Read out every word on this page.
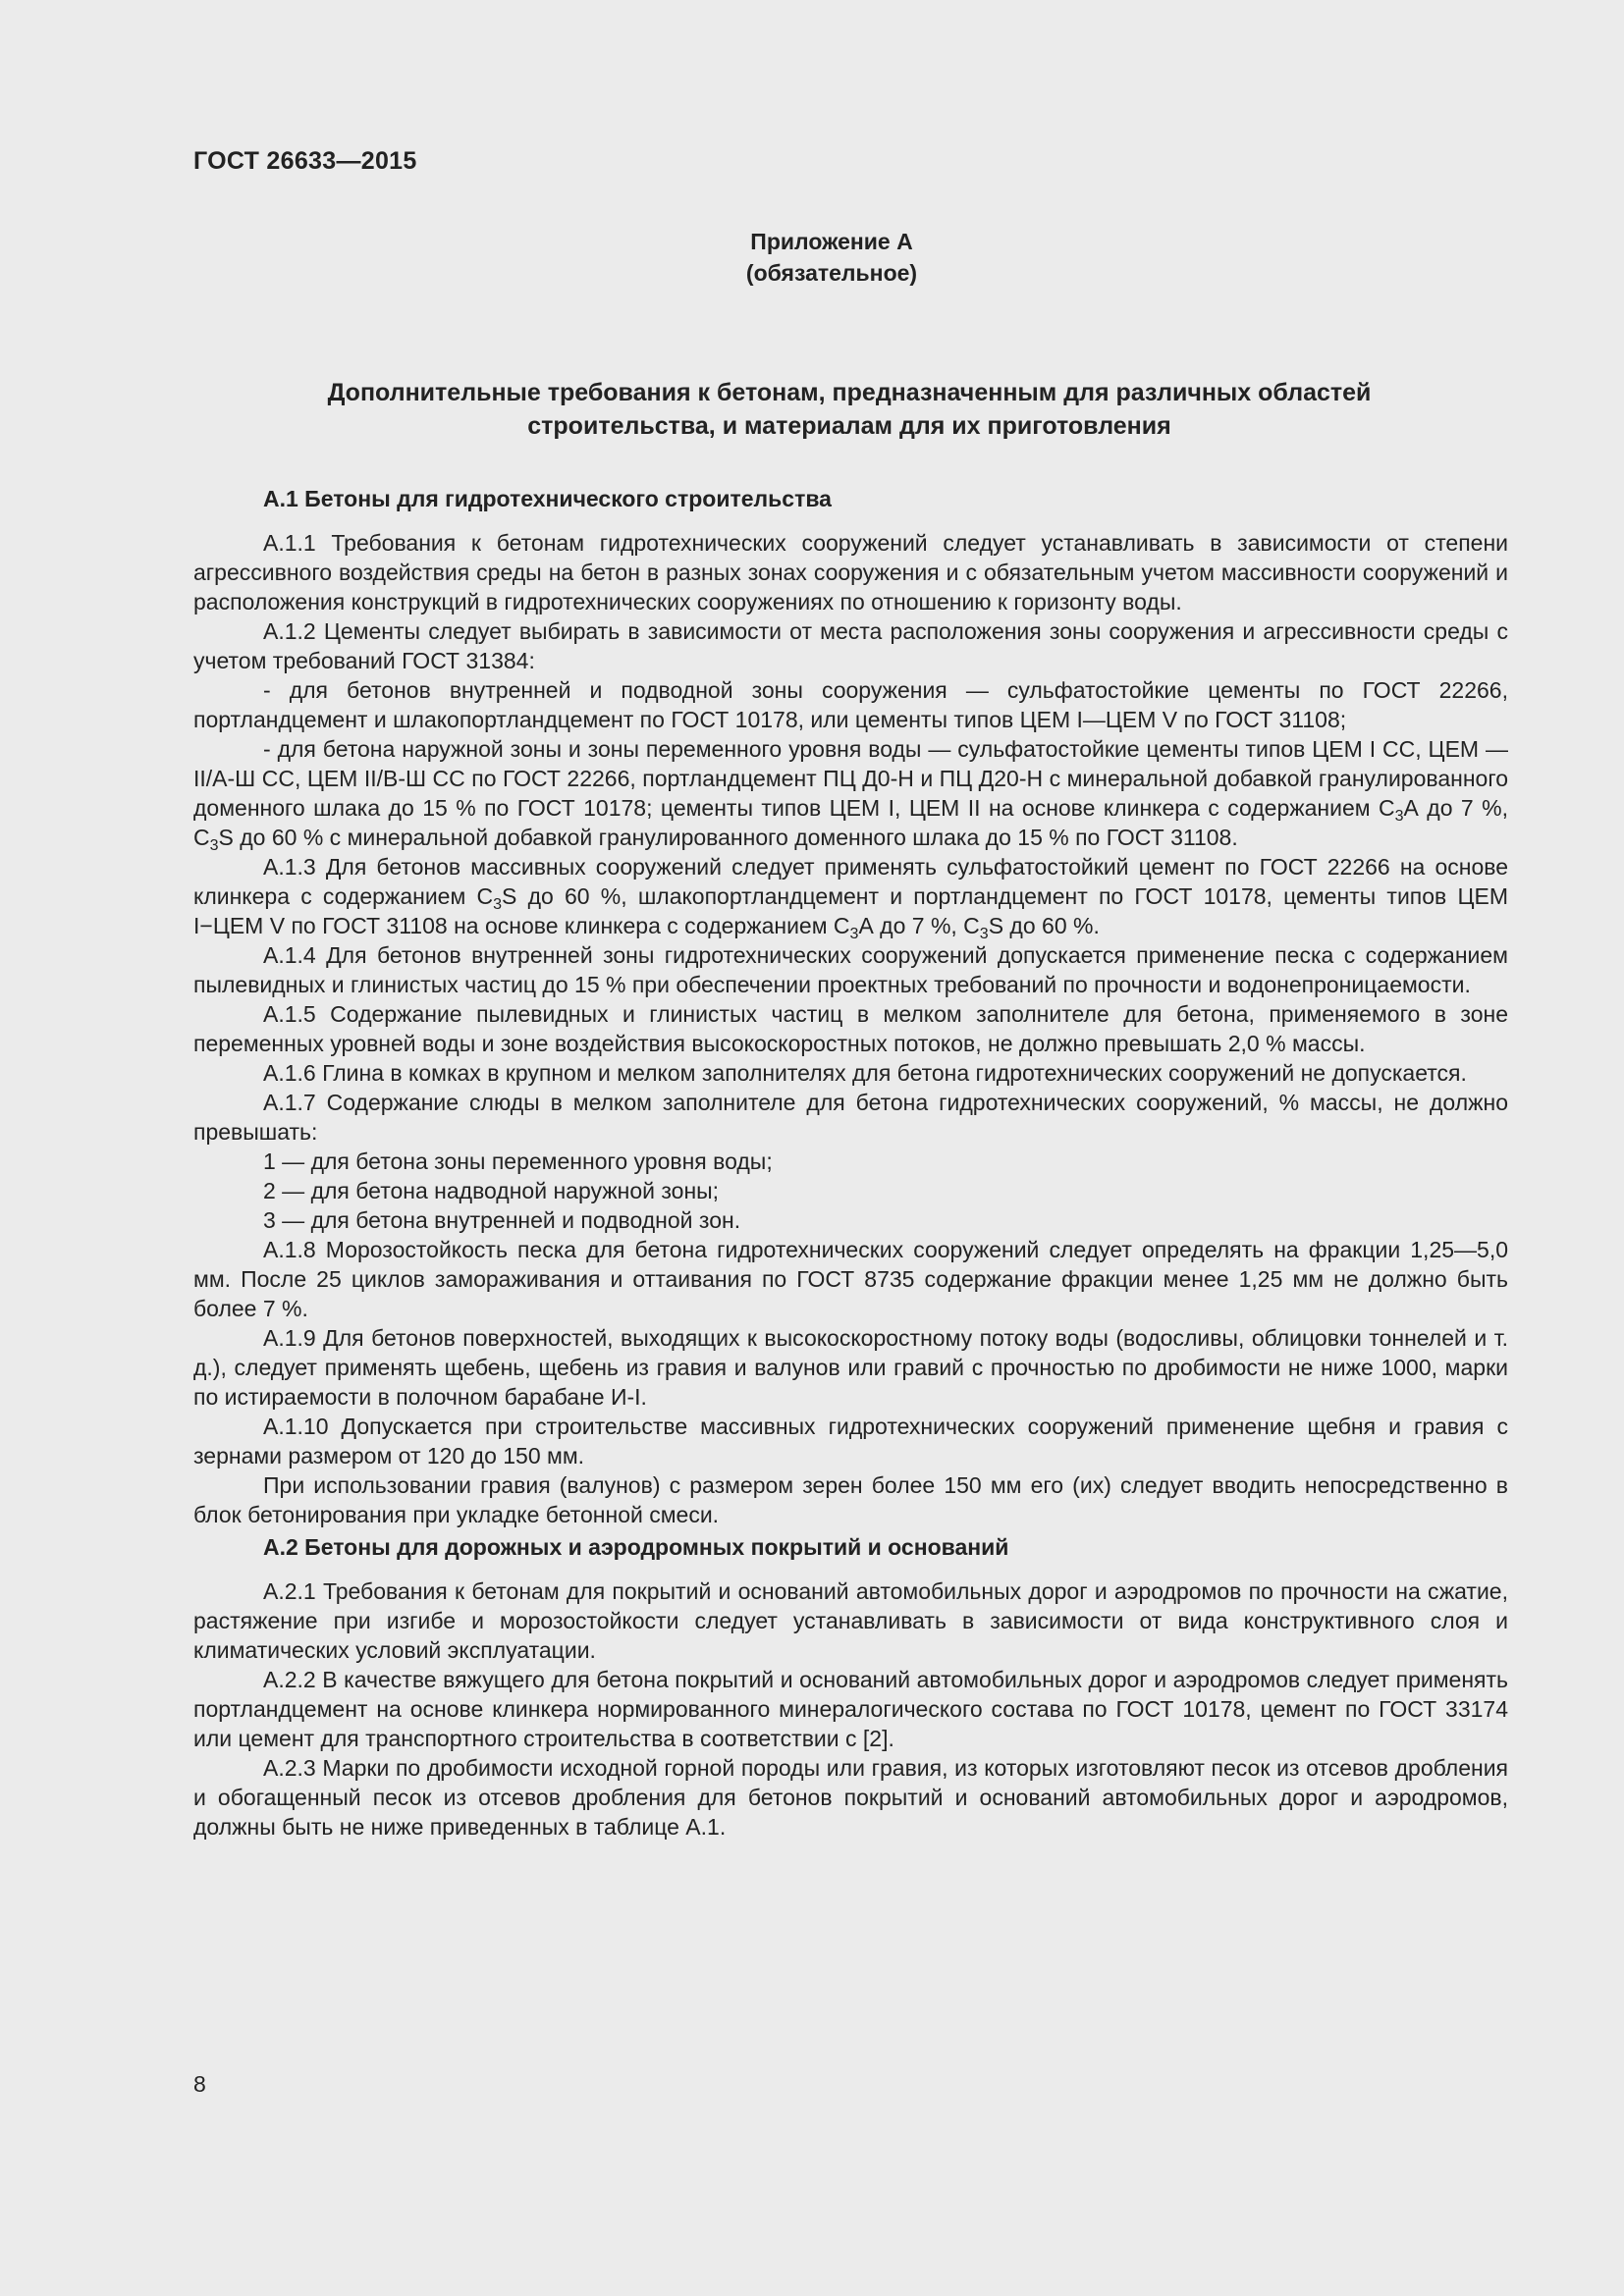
ГОСТ 26633—2015
Приложение А
(обязательное)
Дополнительные требования к бетонам, предназначенным для различных областей
строительства, и материалам для их приготовления
А.1 Бетоны для гидротехнического строительства

А.1.1 Требования к бетонам гидротехнических сооружений следует устанавливать в зависимости от степени агрессивного воздействия среды на бетон в разных зонах сооружения и с обязательным учетом массивности сооружений и расположения конструкций в гидротехнических сооружениях по отношению к горизонту воды.

А.1.2 Цементы следует выбирать в зависимости от места расположения зоны сооружения и агрессивности среды с учетом требований ГОСТ 31384:

- для бетонов внутренней и подводной зоны сооружения — сульфатостойкие цементы по ГОСТ 22266, портландцемент и шлакопортландцемент по ГОСТ 10178, или цементы типов ЦЕМ I—ЦЕМ V по ГОСТ 31108;

- для бетона наружной зоны и зоны переменного уровня воды — сульфатостойкие цементы типов ЦЕМ I СС, ЦЕМ — II/А-Ш СС, ЦЕМ II/В-Ш СС по ГОСТ 22266, портландцемент ПЦ Д0-Н и ПЦ Д20-Н с минеральной добавкой гранулированного доменного шлака до 15 % по ГОСТ 10178; цементы типов ЦЕМ I, ЦЕМ II на основе клинкера с содержанием $С_3А$ до 7 %, $С_3S$ до 60 % с минеральной добавкой гранулированного доменного шлака до 15 % по ГОСТ 31108.

А.1.3 Для бетонов массивных сооружений следует применять сульфатостойкий цемент по ГОСТ 22266 на основе клинкера с содержанием $С_3S$ до 60 %, шлакопортландцемент и портландцемент по ГОСТ 10178, цементы типов ЦЕМ I−ЦЕМ V по ГОСТ 31108 на основе клинкера с содержанием $С_3А$ до 7 %, $С_3S$ до 60 %.

А.1.4 Для бетонов внутренней зоны гидротехнических сооружений допускается применение песка с содержанием пылевидных и глинистых частиц до 15 % при обеспечении проектных требований по прочности и водонепроницаемости.

А.1.5 Содержание пылевидных и глинистых частиц в мелком заполнителе для бетона, применяемого в зоне переменных уровней воды и зоне воздействия высокоскоростных потоков, не должно превышать 2,0 % массы.

А.1.6 Глина в комках в крупном и мелком заполнителях для бетона гидротехнических сооружений не допускается.

А.1.7 Содержание слюды в мелком заполнителе для бетона гидротехнических сооружений, % массы, не должно превышать:

1 — для бетона зоны переменного уровня воды;

2 — для бетона надводной наружной зоны;

3 — для бетона внутренней и подводной зон.

А.1.8 Морозостойкость песка для бетона гидротехнических сооружений следует определять на фракции 1,25—5,0 мм. После 25 циклов замораживания и оттаивания по ГОСТ 8735 содержание фракции менее 1,25 мм не должно быть более 7 %.

А.1.9 Для бетонов поверхностей, выходящих к высокоскоростному потоку воды (водосливы, облицовки тоннелей и т. д.), следует применять щебень, щебень из гравия и валунов или гравий с прочностью по дробимости не ниже 1000, марки по истираемости в полочном барабане И-I.

А.1.10 Допускается при строительстве массивных гидротехнических сооружений применение щебня и гравия с зернами размером от 120 до 150 мм.

При использовании гравия (валунов) с размером зерен более 150 мм его (их) следует вводить непосредственно в блок бетонирования при укладке бетонной смеси.

А.2 Бетоны для дорожных и аэродромных покрытий и оснований

А.2.1 Требования к бетонам для покрытий и оснований автомобильных дорог и аэродромов по прочности на сжатие, растяжение при изгибе и морозостойкости следует устанавливать в зависимости от вида конструктивного слоя и климатических условий эксплуатации.

А.2.2 В качестве вяжущего для бетона покрытий и оснований автомобильных дорог и аэродромов следует применять портландцемент на основе клинкера нормированного минералогического состава по ГОСТ 10178, цемент по ГОСТ 33174 или цемент для транспортного строительства в соответствии с [2].

А.2.3 Марки по дробимости исходной горной породы или гравия, из которых изготовляют песок из отсевов дробления и обогащенный песок из отсевов дробления для бетонов покрытий и оснований автомобильных дорог и аэродромов, должны быть не ниже приведенных в таблице А.1.

8
